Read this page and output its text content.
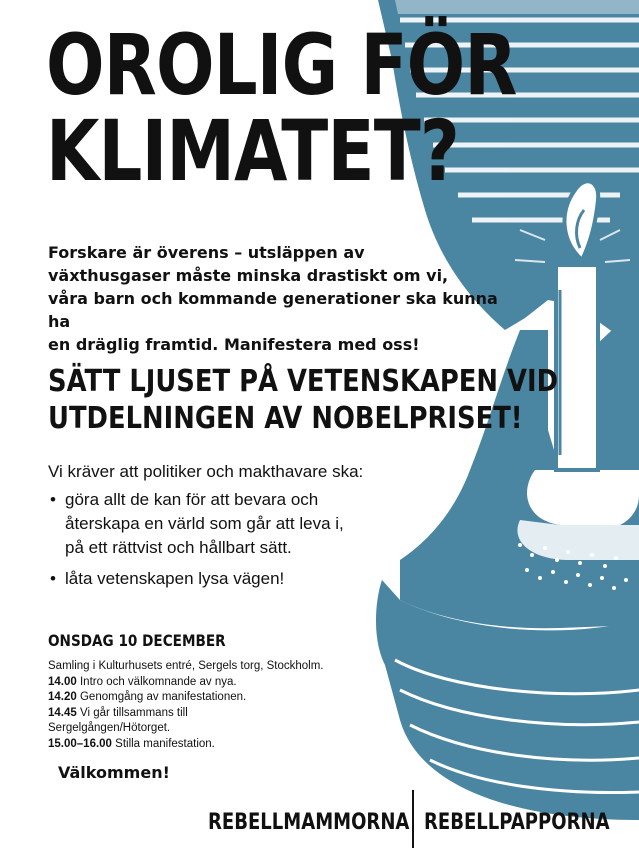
OROLIG FÖR
KLIMATET?

Forskare är överens – utsläppen av
växthusgaser måste minska drastiskt om vi,
våra barn och kommande generationer ska kunna ha
en dräglig framtid. Manifestera med oss!

SÄTT LJUSET PÅ VETENSKAPEN VID
UTDELNINGEN AV NOBELPRISET!

Vi kräver att politiker och makthavare ska:

• göra allt de kan för att bevara och
återskapa en värld som går att leva i,
på ett rättvist och hållbart sätt.
• låta vetenskapen lysa vägen!
ONSDAG 10 DECEMBER
Samling i Kulturhusets entré, Sergels torg, Stockholm.
14.00 Intro och välkomnande av nya.
14.20 Genomgång av manifestationen.
14.45 Vi går tillsammans till
Sergelgången/Hötorget.
15.00–16.00 Stilla manifestation.
Välkommen!
REBELLMAMMORNA REBELLPAPPORNA
